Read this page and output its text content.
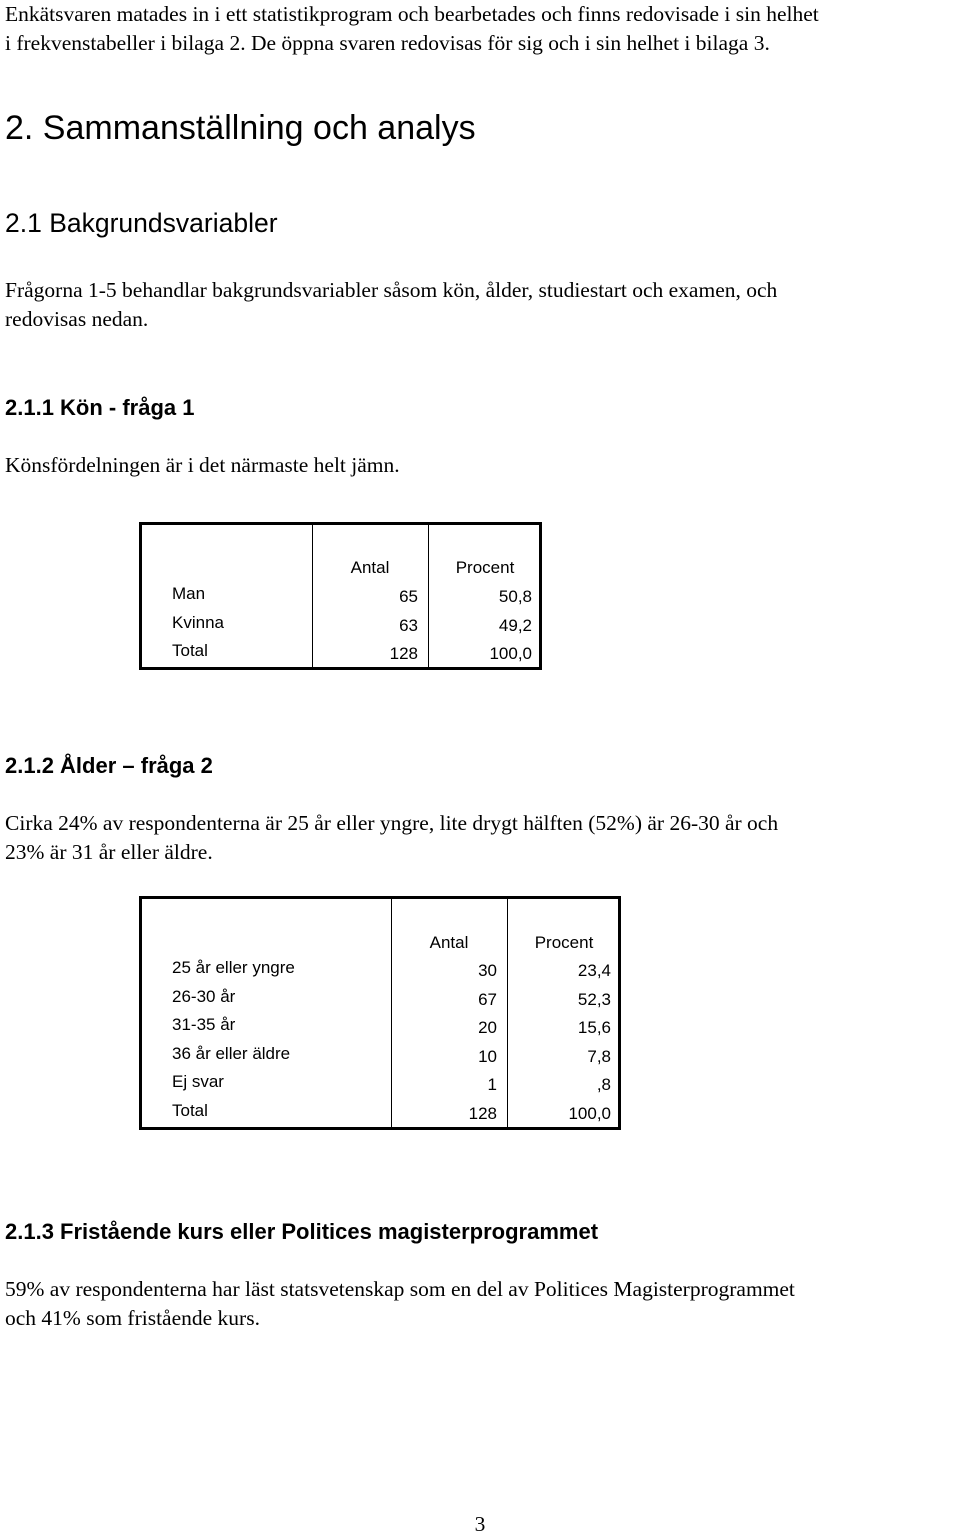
Enkätsvaren matades in i ett statistikprogram och bearbetades och finns redovisade i sin helhet
i frekvenstabeller i bilaga 2. De öppna svaren redovisas för sig och i sin helhet i bilaga 3.
2. Sammanställning och analys
2.1 Bakgrundsvariabler
Frågorna 1-5 behandlar bakgrundsvariabler såsom kön, ålder, studiestart och examen, och
redovisas nedan.
2.1.1 Kön - fråga 1
Könsfördelningen är i det närmaste helt jämn.
Antal	Procent
Man	65	50,8
Kvinna	63	49,2
Total	128	100,0
2.1.2 Ålder – fråga 2
Cirka 24% av respondenterna är 25 år eller yngre, lite drygt hälften (52%) är 26-30 år och
23% är 31 år eller äldre.
Antal	Procent
25 år eller yngre	30	23,4
26-30 år	67	52,3
31-35 år	20	15,6
36 år eller äldre	10	7,8
Ej svar	1	,8
Total	128	100,0
2.1.3 Fristående kurs eller Politices magisterprogrammet
59% av respondenterna har läst statsvetenskap som en del av Politices Magisterprogrammet
och 41% som fristående kurs.
3
